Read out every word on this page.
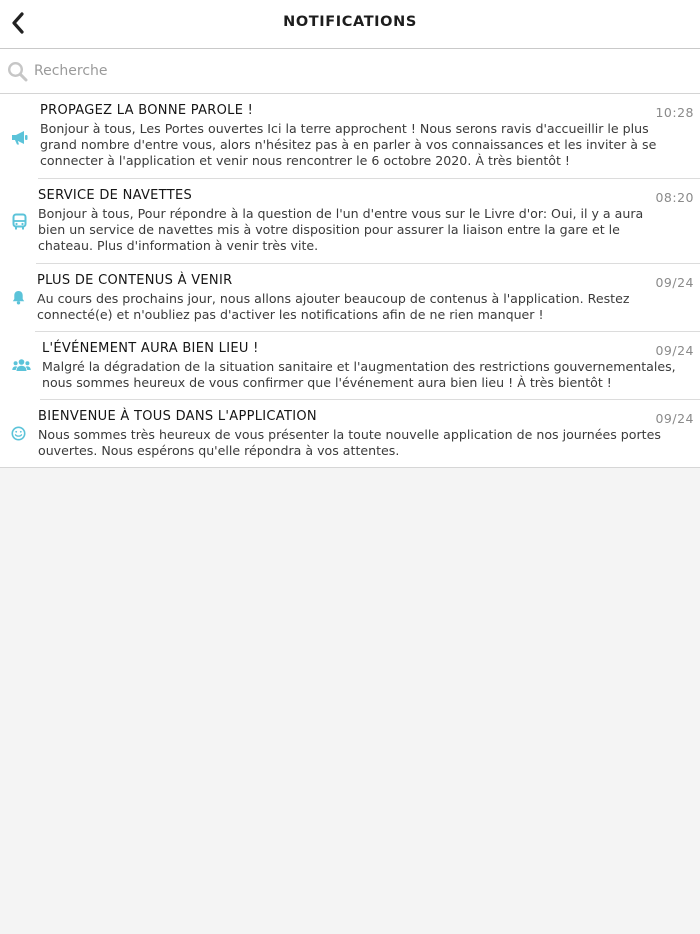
NOTIFICATIONS
Recherche
10:28
PROPAGEZ LA BONNE PAROLE !
Bonjour à tous, Les Portes ouvertes Ici la terre approchent ! Nous serons ravis d'accueillir le plus grand nombre d'entre vous, alors n'hésitez pas à en parler à vos connaissances et les inviter à se connecter à l'application et venir nous rencontrer le 6 octobre 2020. À très bientôt !
08:20
SERVICE DE NAVETTES
Bonjour à tous, Pour répondre à la question de l'un d'entre vous sur le Livre d'or: Oui, il y a aura bien un service de navettes mis à votre disposition pour assurer la liaison entre la gare et le chateau. Plus d'information à venir très vite.
09/24
PLUS DE CONTENUS À VENIR
Au cours des prochains jour, nous allons ajouter beaucoup de contenus à l'application. Restez connecté(e) et n'oubliez pas d'activer les notifications afin de ne rien manquer !
09/24
L'ÉVÉNEMENT AURA BIEN LIEU !
Malgré la dégradation de la situation sanitaire et l'augmentation des restrictions gouvernementales, nous sommes heureux de vous confirmer que l'événement aura bien lieu ! À très bientôt !
09/24
BIENVENUE À TOUS DANS L'APPLICATION
Nous sommes très heureux de vous présenter la toute nouvelle application de nos journées portes ouvertes. Nous espérons qu'elle répondra à vos attentes.
